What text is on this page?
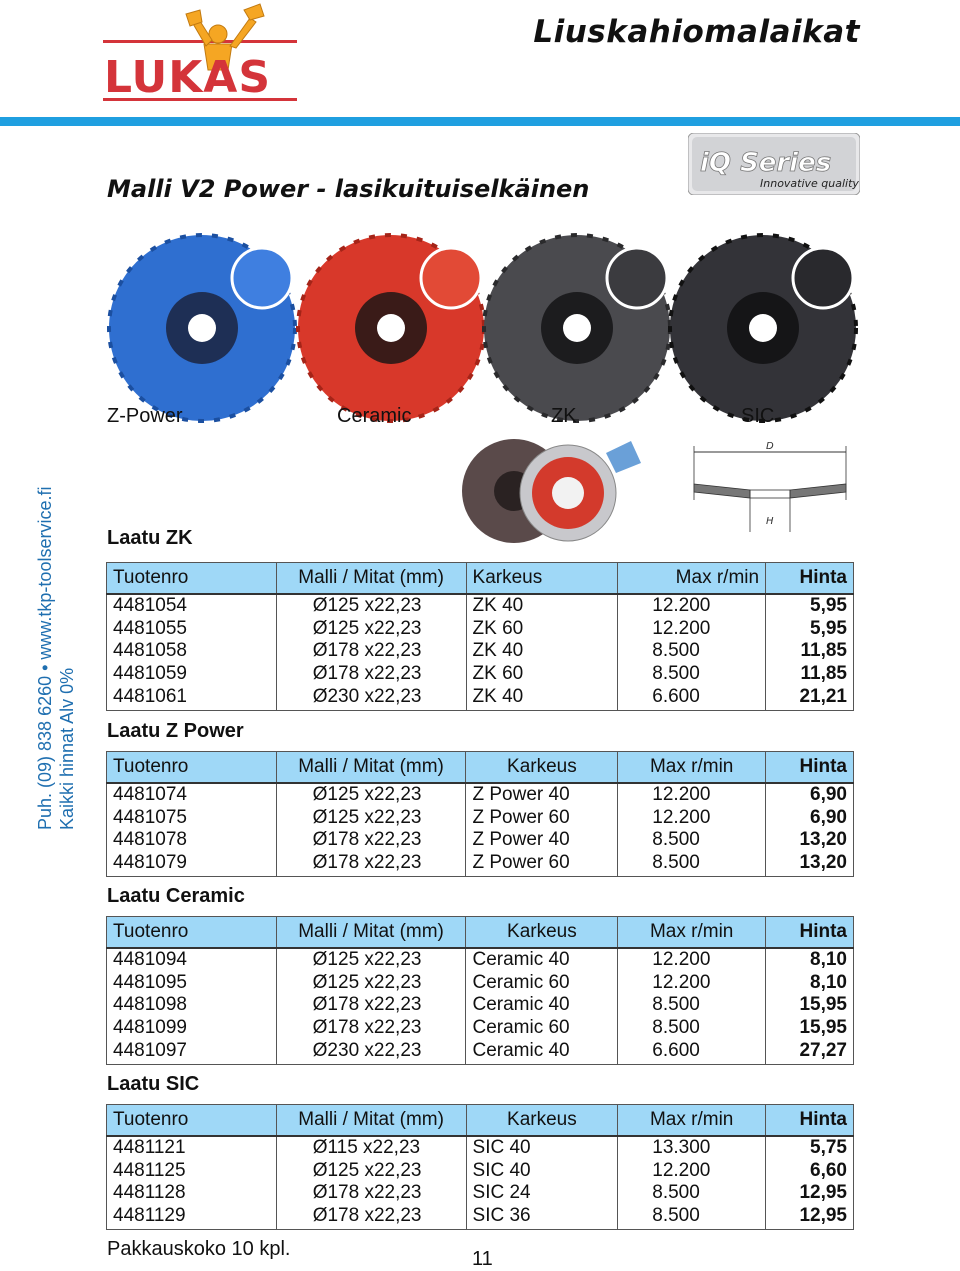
LUKAS
Liuskahiomalaikat
iQ Series
Innovative quality
Malli V2 Power - lasikuituiselkäinen
Z-Power	Ceramic	ZK	SIC
Puh. (09) 838 6260 • www.tkp-toolservice.fi Kaikki hinnat Alv 0%
D
H
Laatu ZK
Tuotenro	Malli / Mitat (mm)	Karkeus	Max r/min	Hinta
4481054	Ø125 x22,23	ZK 40	12.200	5,95
4481055	Ø125 x22,23	ZK 60	12.200	5,95
4481058	Ø178 x22,23	ZK 40	8.500	11,85
4481059	Ø178 x22,23	ZK 60	8.500	11,85
4481061	Ø230 x22,23	ZK 40	6.600	21,21
Laatu Z Power
Tuotenro	Malli / Mitat (mm)	Karkeus	Max r/min	Hinta
4481074	Ø125 x22,23	Z Power 40	12.200	6,90
4481075	Ø125 x22,23	Z Power 60	12.200	6,90
4481078	Ø178 x22,23	Z Power 40	8.500	13,20
4481079	Ø178 x22,23	Z Power 60	8.500	13,20
Laatu Ceramic
Tuotenro	Malli / Mitat (mm)	Karkeus	Max r/min	Hinta
4481094	Ø125 x22,23	Ceramic 40	12.200	8,10
4481095	Ø125 x22,23	Ceramic 60	12.200	8,10
4481098	Ø178 x22,23	Ceramic 40	8.500	15,95
4481099	Ø178 x22,23	Ceramic 60	8.500	15,95
4481097	Ø230 x22,23	Ceramic 40	6.600	27,27
Laatu SIC
Tuotenro	Malli / Mitat (mm)	Karkeus	Max r/min	Hinta
4481121	Ø115 x22,23	SIC 40	13.300	5,75
4481125	Ø125 x22,23	SIC 40	12.200	6,60
4481128	Ø178 x22,23	SIC 24	8.500	12,95
4481129	Ø178 x22,23	SIC 36	8.500	12,95
Pakkauskoko 10 kpl.	11
